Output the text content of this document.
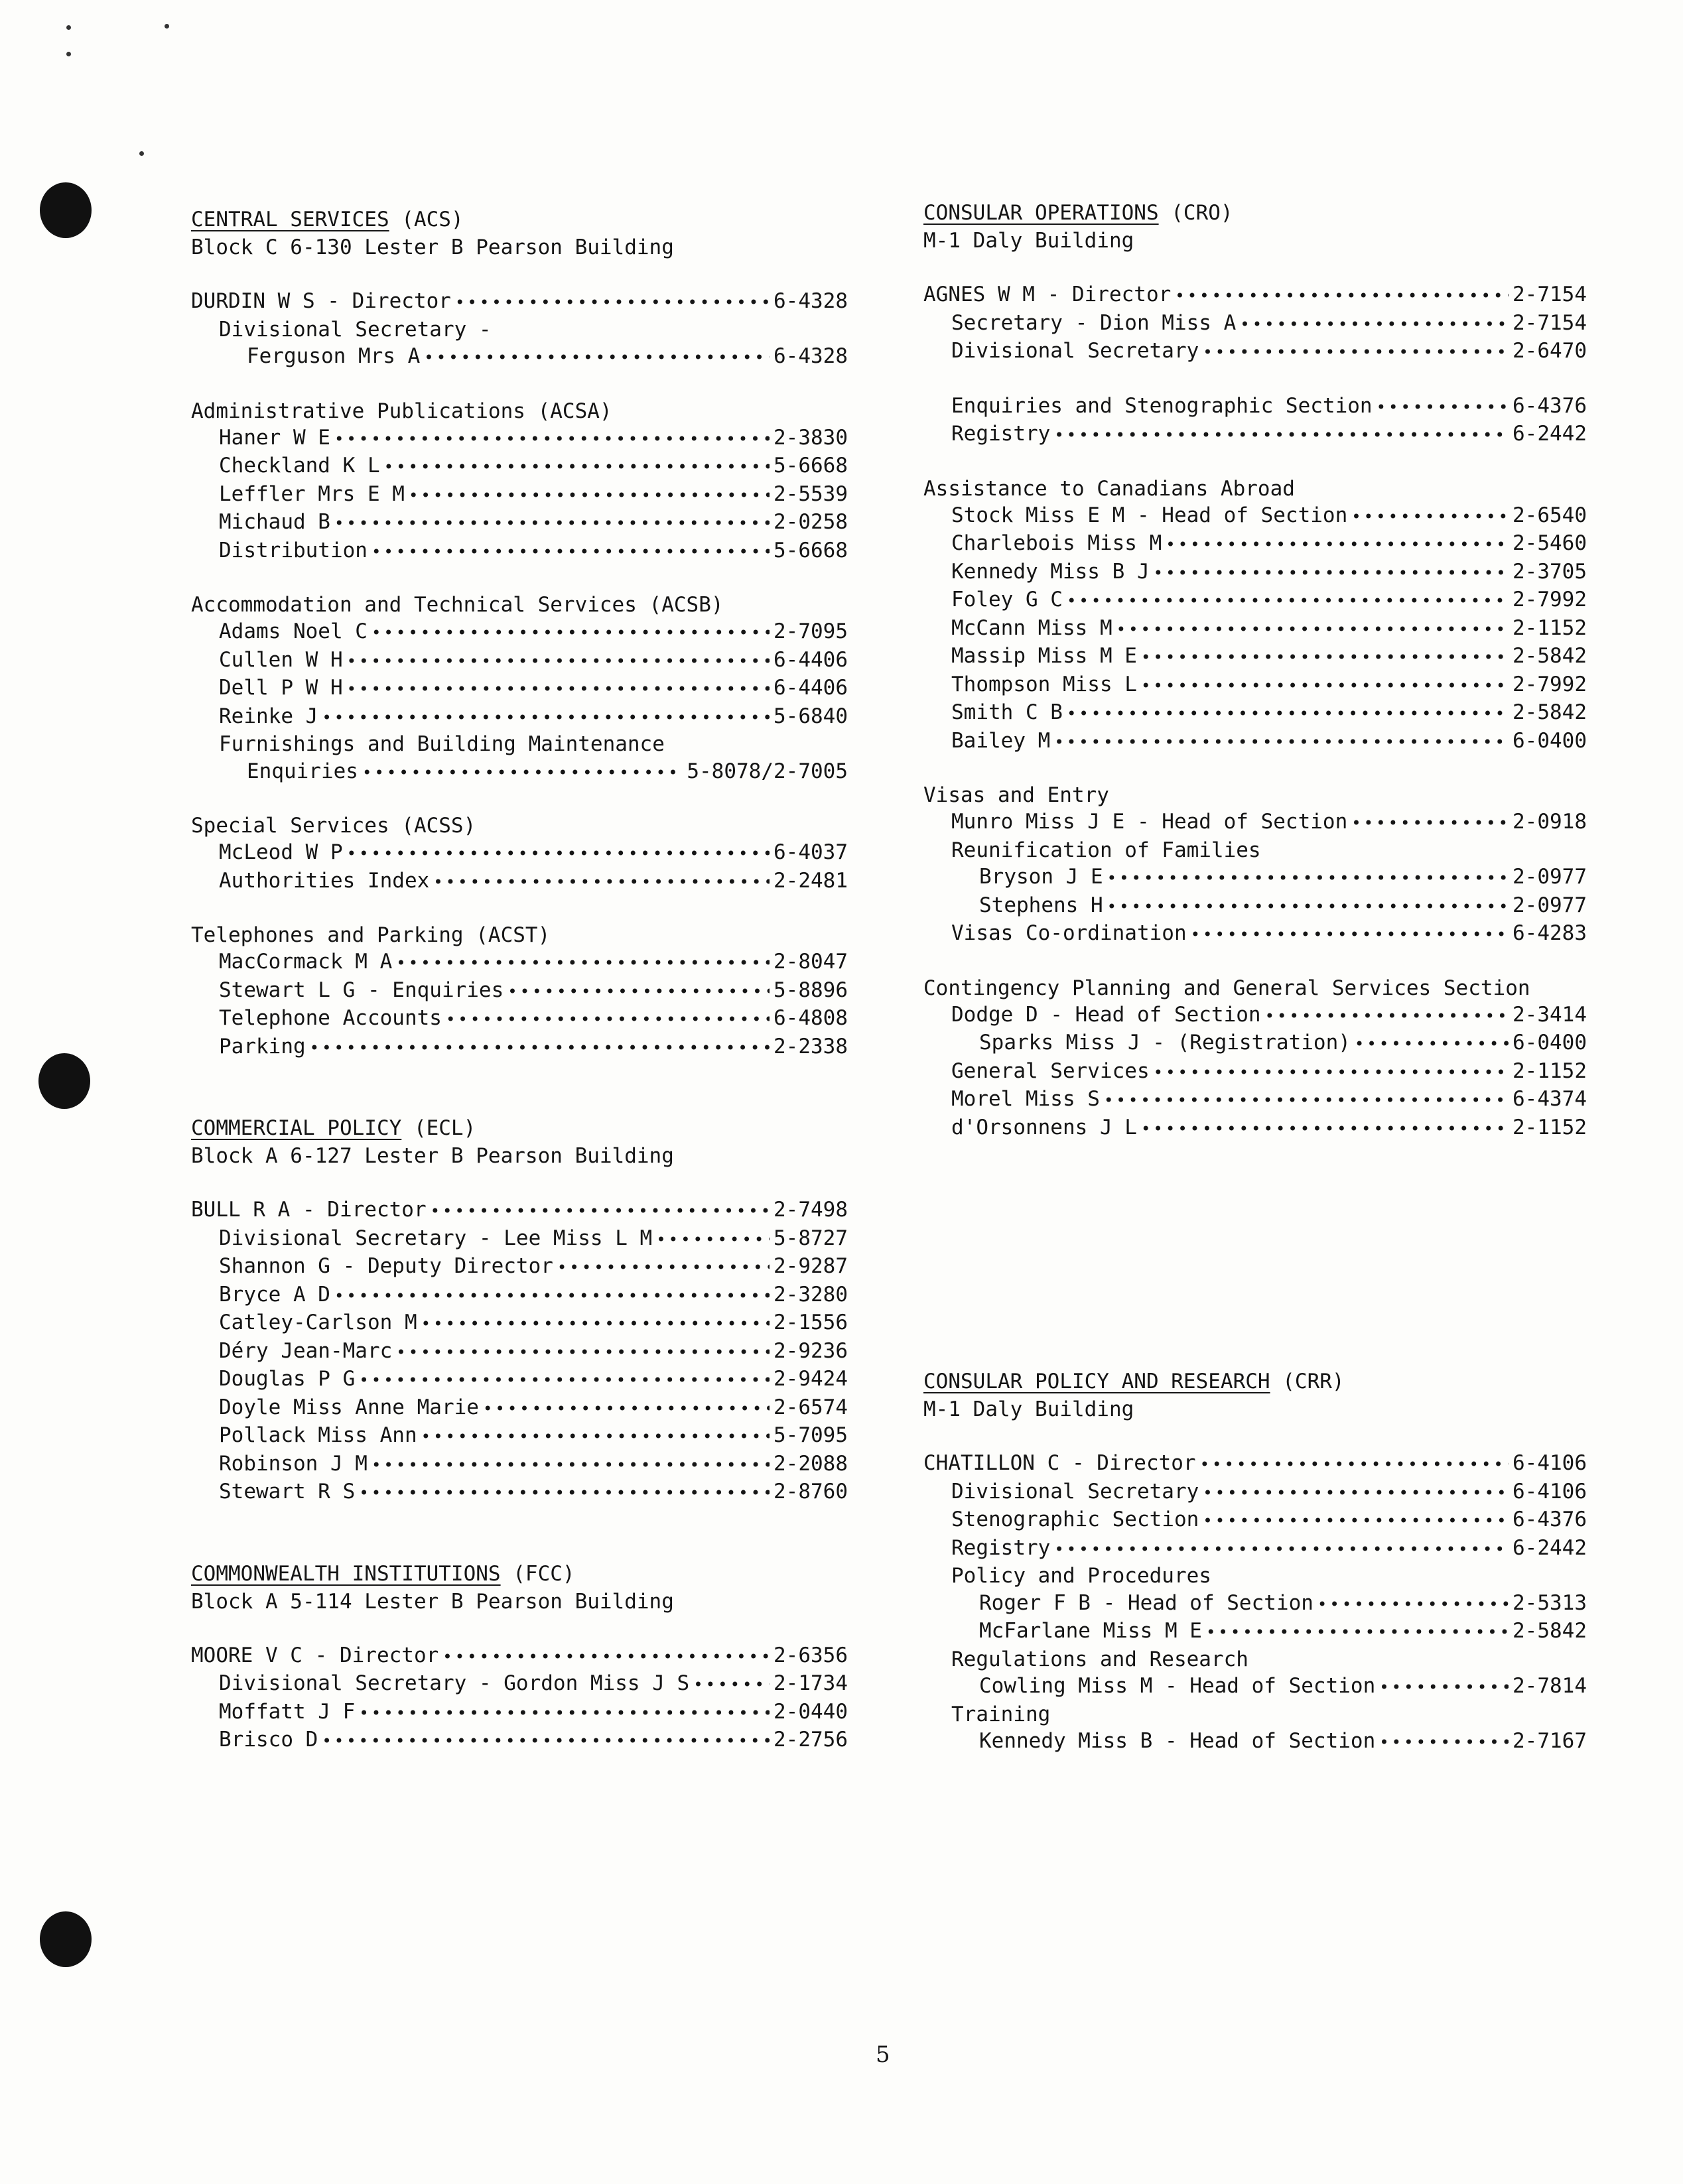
CENTRAL SERVICES (ACS)
Block C 6-130 Lester B Pearson Building
DURDIN W S - Director •••••	6-4328
Divisional Secretary -
Ferguson Mrs A •••••	6-4328
Administrative Publications (ACSA)
Haner W E •••••	2-3830
Checkland K L •••••	5-6668
Leffler Mrs E M •••••	2-5539
Michaud B •••••	2-0258
Distribution •••••	5-6668
Accommodation and Technical Services (ACSB)
Adams Noel C •••••	2-7095
Cullen W H •••••	6-4406
Dell P W H •••••	6-4406
Reinke J •••••	5-6840
Furnishings and Building Maintenance
Enquiries •••••	5-8078/2-7005
Special Services (ACSS)
McLeod W P •••••	6-4037
Authorities Index •••••	2-2481
Telephones and Parking (ACST)
MacCormack M A •••••	2-8047
Stewart L G - Enquiries •••••	5-8896
Telephone Accounts •••••	6-4808
Parking •••••	2-2338
COMMERCIAL POLICY (ECL)
Block A 6-127 Lester B Pearson Building
BULL R A - Director •••••	2-7498
Divisional Secretary - Lee Miss L M •••••	5-8727
Shannon G - Deputy Director •••••	2-9287
Bryce A D •••••	2-3280
Catley-Carlson M •••••	2-1556
Déry Jean-Marc •••••	2-9236
Douglas P G •••••	2-9424
Doyle Miss Anne Marie •••••	2-6574
Pollack Miss Ann •••••	5-7095
Robinson J M •••••	2-2088
Stewart R S •••••	2-8760
COMMONWEALTH INSTITUTIONS (FCC)
Block A 5-114 Lester B Pearson Building
MOORE V C - Director •••••	2-6356
Divisional Secretary - Gordon Miss J S •••••	2-1734
Moffatt J F •••••	2-0440
Brisco D •••••	2-2756
CONSULAR OPERATIONS (CRO)
M-1 Daly Building
AGNES W M - Director •••••	2-7154
Secretary - Dion Miss A •••••	2-7154
Divisional Secretary •••••	2-6470
Enquiries and Stenographic Section •••••	6-4376
Registry •••••	6-2442
Assistance to Canadians Abroad
Stock Miss E M - Head of Section •••••	2-6540
Charlebois Miss M •••••	2-5460
Kennedy Miss B J •••••	2-3705
Foley G C •••••	2-7992
McCann Miss M •••••	2-1152
Massip Miss M E •••••	2-5842
Thompson Miss L •••••	2-7992
Smith C B •••••	2-5842
Bailey M •••••	6-0400
Visas and Entry
Munro Miss J E - Head of Section •••••	2-0918
Reunification of Families
Bryson J E •••••	2-0977
Stephens H •••••	2-0977
Visas Co-ordination •••••	6-4283
Contingency Planning and General Services Section
Dodge D - Head of Section •••••	2-3414
Sparks Miss J - (Registration) •••••	6-0400
General Services •••••	2-1152
Morel Miss S •••••	6-4374
d'Orsonnens J L •••••	2-1152
CONSULAR POLICY AND RESEARCH (CRR)
M-1 Daly Building
CHATILLON C - Director •••••	6-4106
Divisional Secretary •••••	6-4106
Stenographic Section •••••	6-4376
Registry •••••	6-2442
Policy and Procedures
Roger F B - Head of Section •••••	2-5313
McFarlane Miss M E •••••	2-5842
Regulations and Research
Cowling Miss M - Head of Section •••••	2-7814
Training
Kennedy Miss B - Head of Section •••••	2-7167
5
